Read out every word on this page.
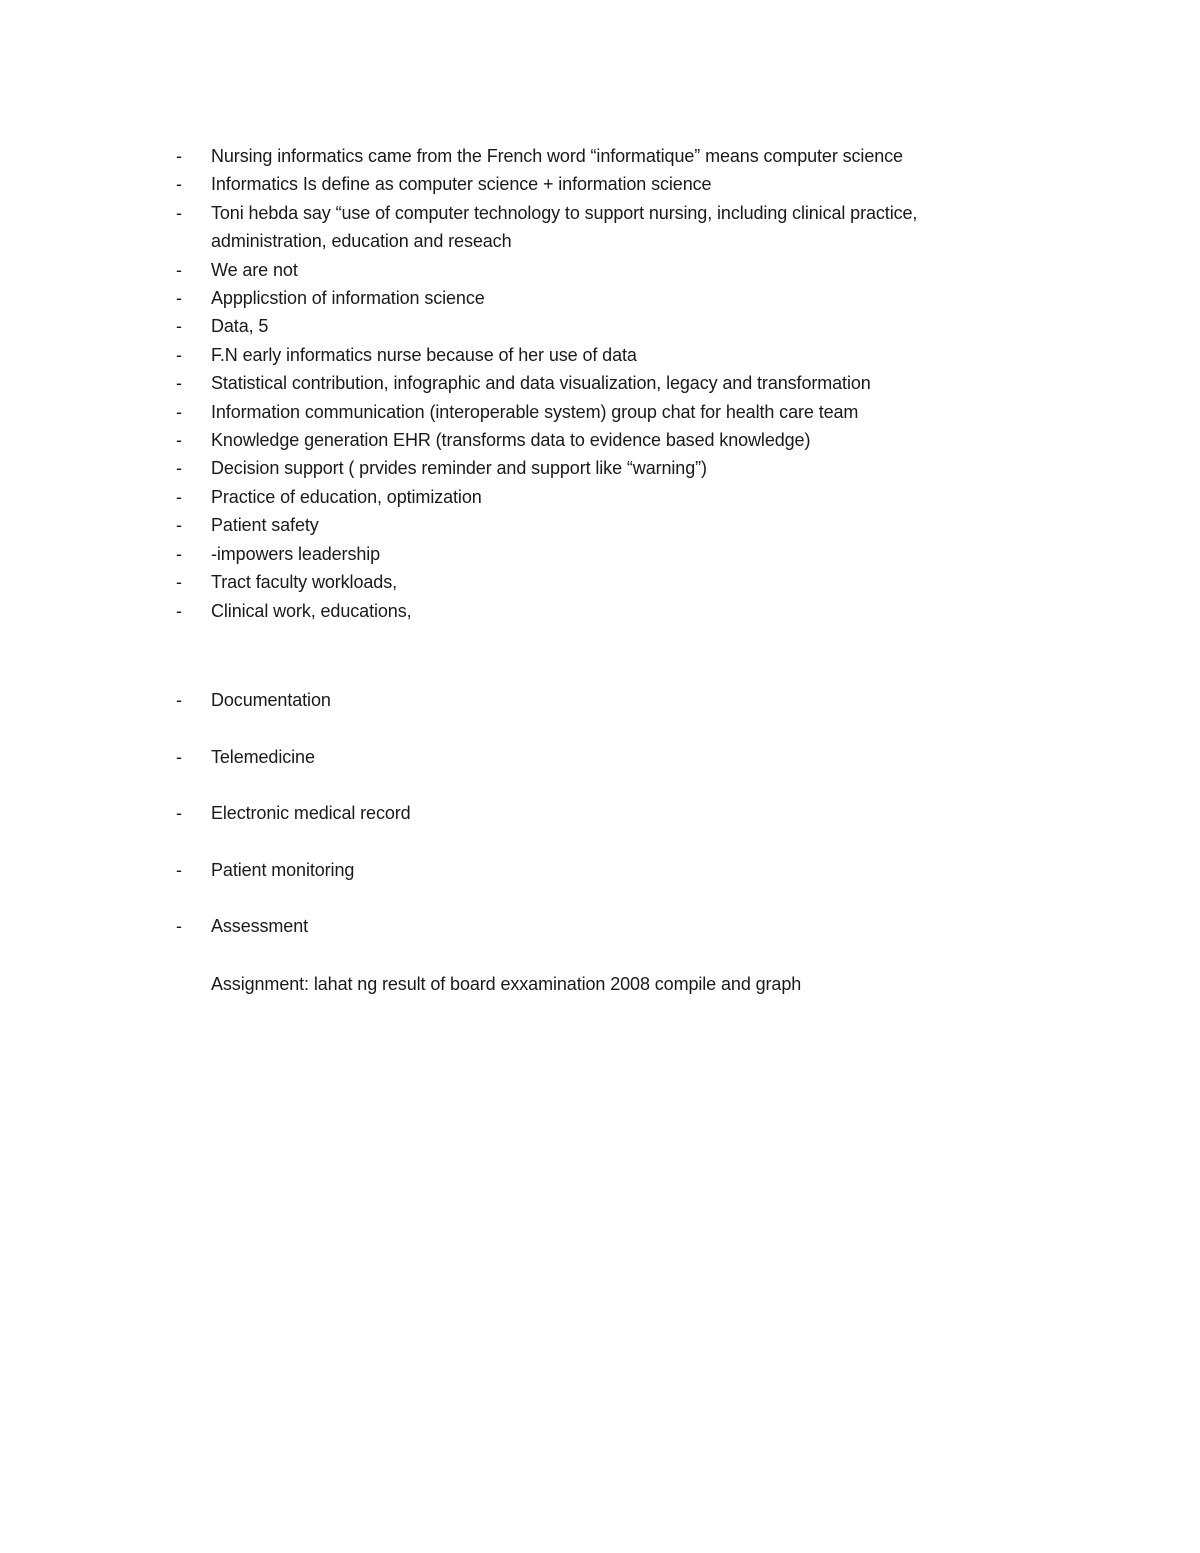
-	Nursing informatics came from the French word “informatique” means computer science
-	Informatics Is define as computer science + information science
-	Toni hebda say “use of computer technology to support nursing, including clinical practice, administration, education and reseach
-	We are not
-	Appplicstion of information science
-	Data, 5
-	F.N early informatics nurse because of her use of data
-	Statistical contribution, infographic and data visualization, legacy and transformation
-	Information communication (interoperable system) group chat for health care team
-	Knowledge generation EHR (transforms data to evidence based knowledge)
-	Decision support ( prvides reminder and support like “warning”)
-	Practice of education, optimization
-	Patient safety
-	-impowers leadership
-	Tract faculty workloads,
-	Clinical work, educations,
-	Documentation
-	Telemedicine
-	Electronic medical record
-	Patient monitoring
-	Assessment
Assignment: lahat ng result of board exxamination 2008 compile and graph
